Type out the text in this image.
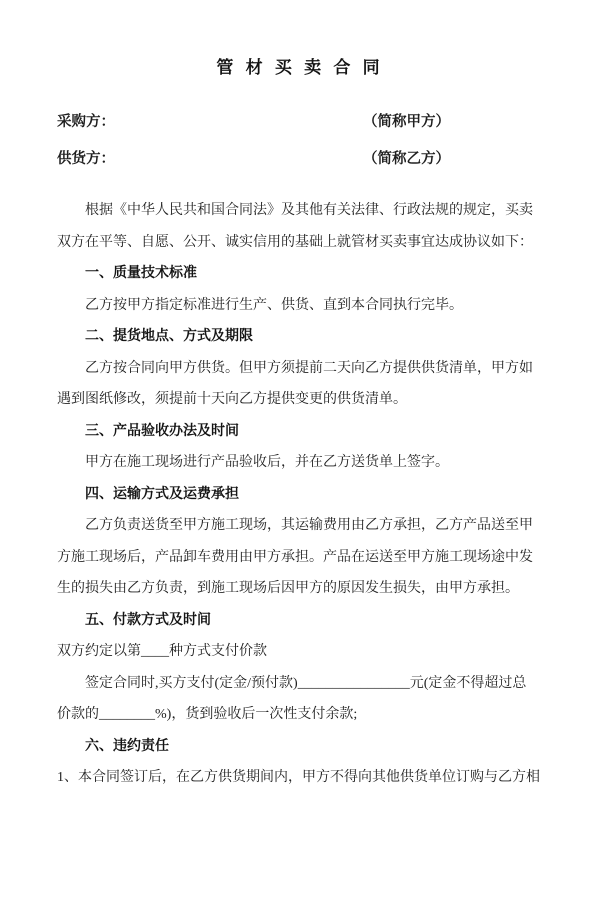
管 材 买 卖 合 同
采购方：	（简称甲方）
供货方：	（简称乙方）

根据《中华人民共和国合同法》及其他有关法律、行政法规的规定，买卖

双方在平等、自愿、公开、诚实信用的基础上就管材买卖事宜达成协议如下：

一、质量技术标准

乙方按甲方指定标准进行生产、供货、直到本合同执行完毕。

二、提货地点、方式及期限

乙方按合同向甲方供货。但甲方须提前二天向乙方提供供货清单，甲方如

遇到图纸修改，须提前十天向乙方提供变更的供货清单。

三、产品验收办法及时间

甲方在施工现场进行产品验收后，并在乙方送货单上签字。

四、运输方式及运费承担

乙方负责送货至甲方施工现场，其运输费用由乙方承担，乙方产品送至甲

方施工现场后，产品卸车费用由甲方承担。产品在运送至甲方施工现场途中发

生的损失由乙方负责，到施工现场后因甲方的原因发生损失，由甲方承担。

五、付款方式及时间

双方约定以第____种方式支付价款

签定合同时,买方支付(定金/预付款)________________元(定金不得超过总

价款的________%)，货到验收后一次性支付余款;

六、违约责任

1、本合同签订后，在乙方供货期间内，甲方不得向其他供货单位订购与乙方相
